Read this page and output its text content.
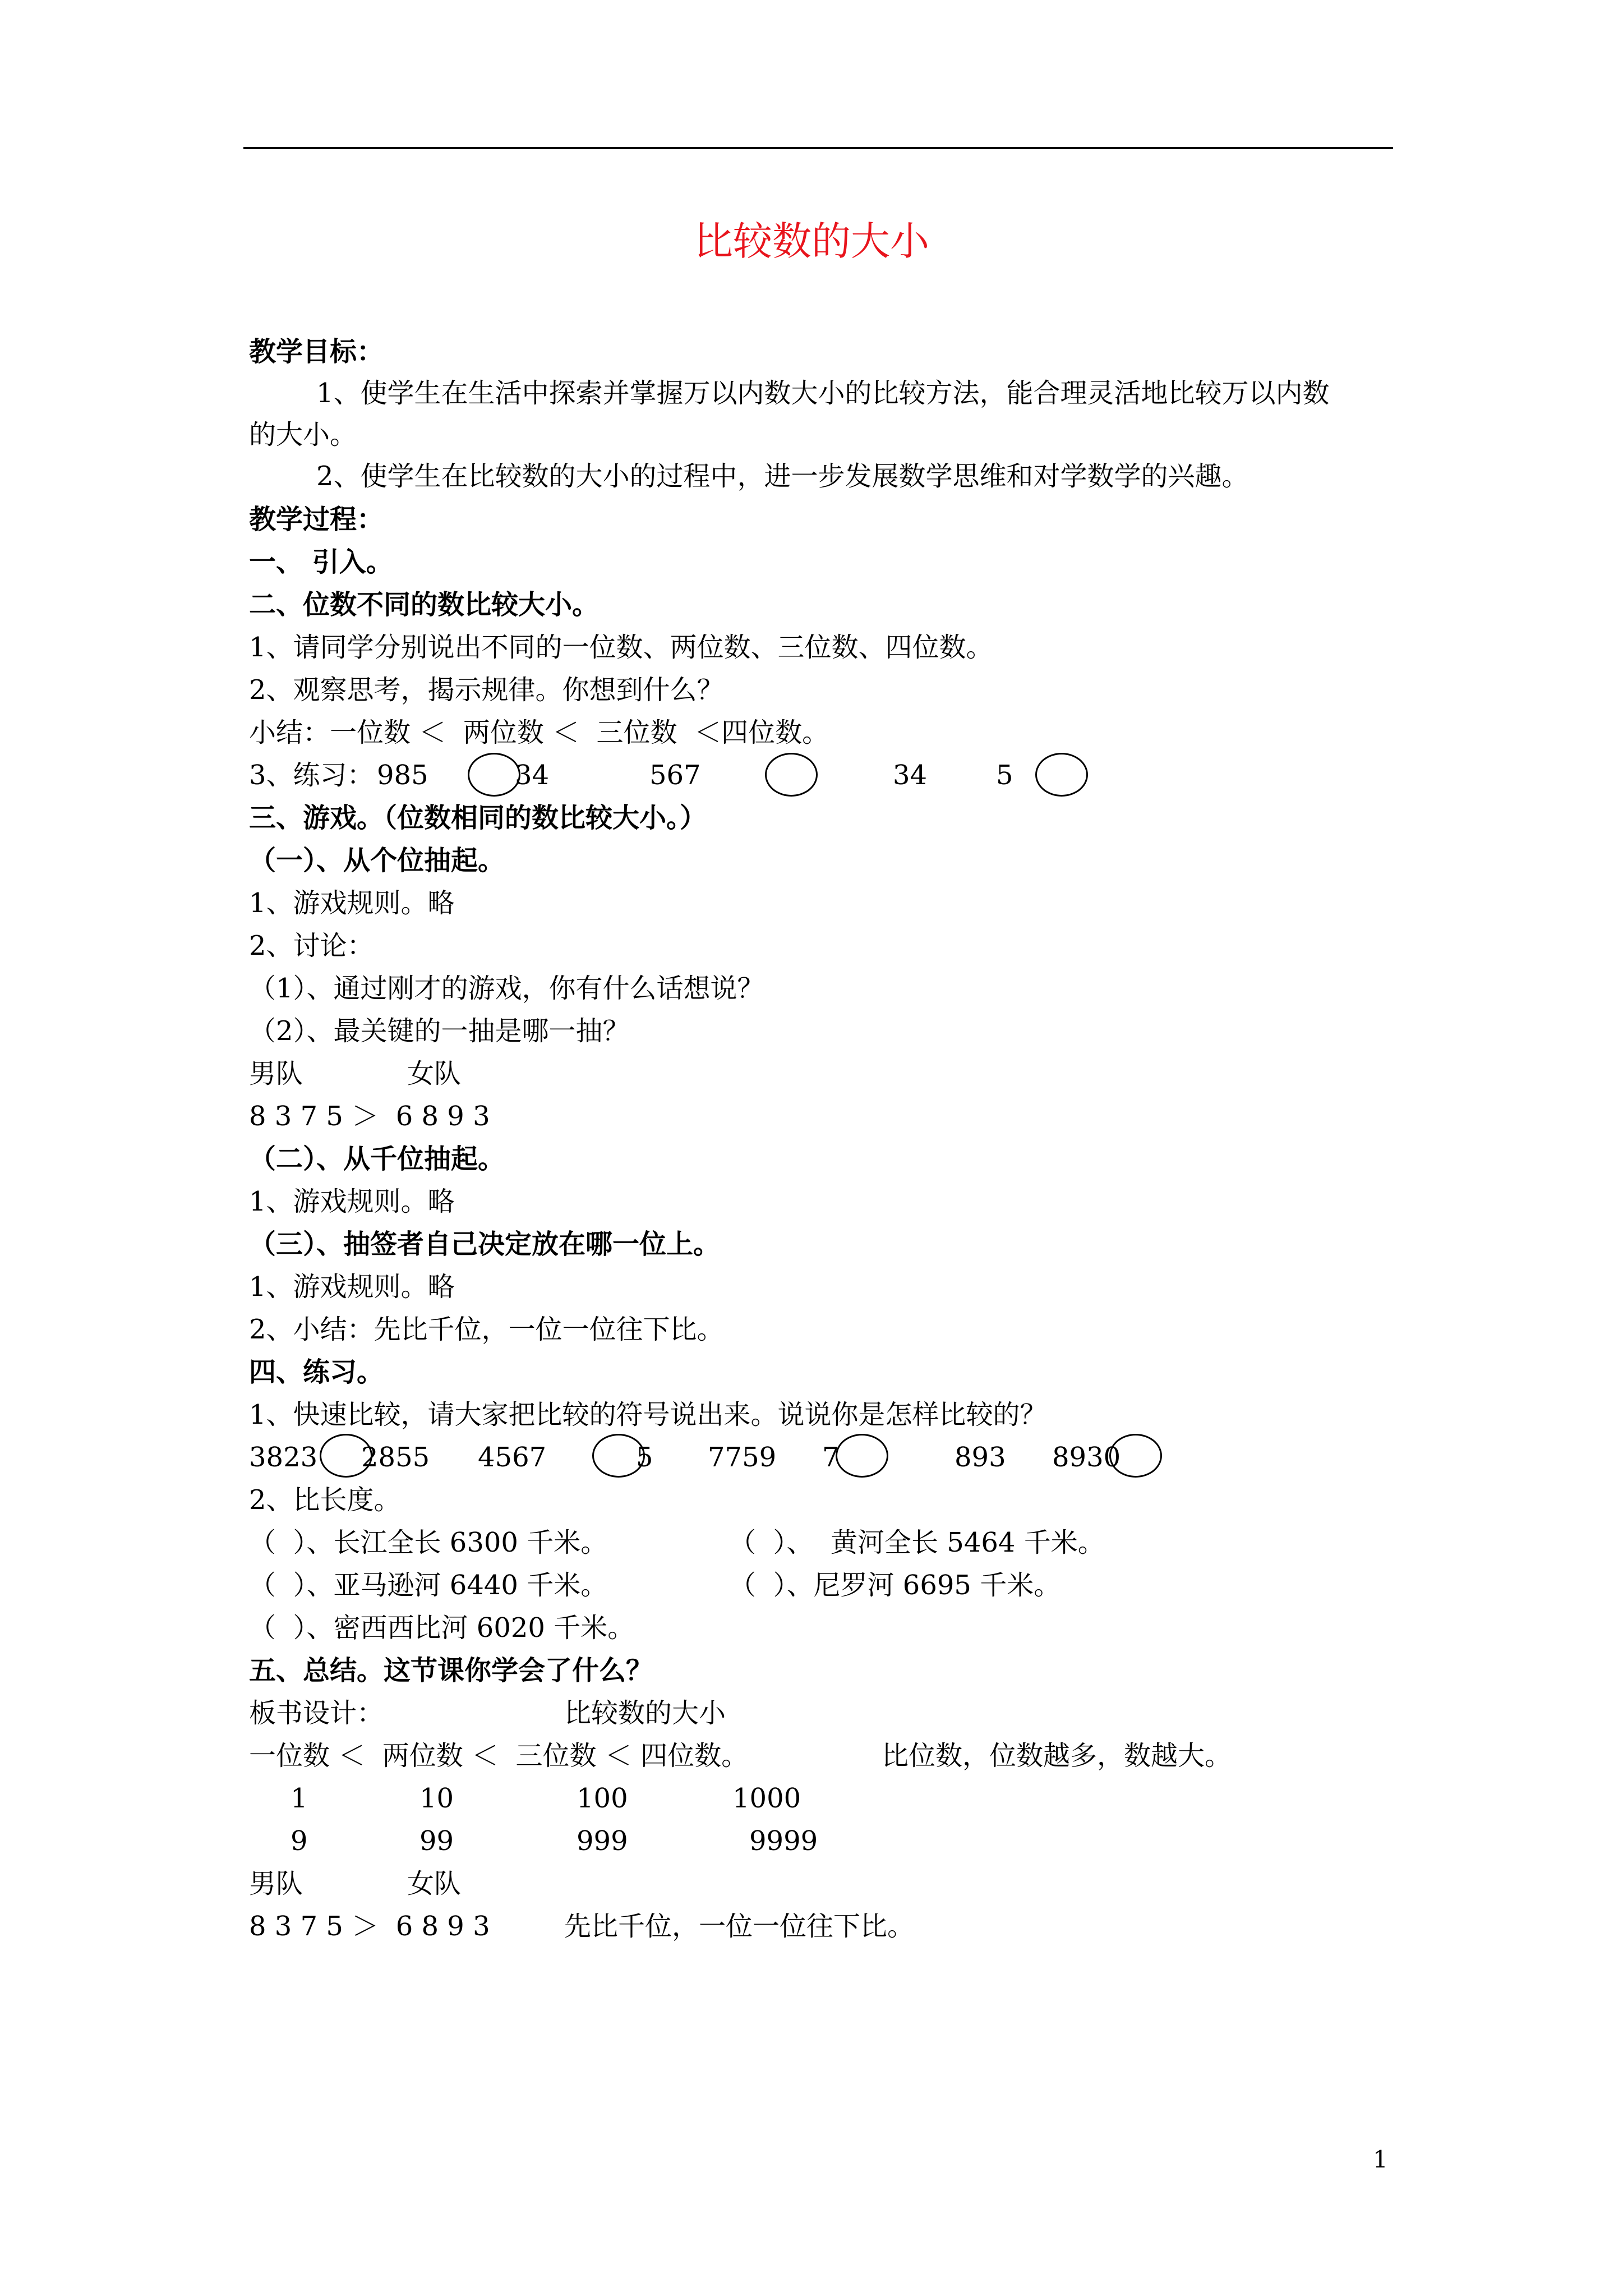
比较数的大小
教学目标：
1、使学生在生活中探索并掌握万以内数大小的比较方法，能合理灵活地比较万以内数
的大小。
2、使学生在比较数的大小的过程中，进一步发展数学思维和对学数学的兴趣。
教学过程：
一、 引入。
二、位数不同的数比较大小。
1、请同学分别说出不同的一位数、两位数、三位数、四位数。
2、观察思考，揭示规律。你想到什么？
小结：一位数 ＜  两位数 ＜  三位数  ＜四位数。
3、练习： 985	34	567	34	5
三、游戏。（位数相同的数比较大小。）
（一）、从个位抽起。
1、游戏规则。略
2、讨论：
（1）、通过刚才的游戏，你有什么话想说？
（2）、最关键的一抽是哪一抽？
男队	女队
8 3 7 5 ＞  6 8 9 3
（二）、从千位抽起。
1、游戏规则。略
（三）、抽签者自己决定放在哪一位上。
1、游戏规则。略
2、小结：先比千位，一位一位往下比。
四、练习。
1、快速比较，请大家把比较的符号说出来。说说你是怎样比较的？
3823 2855 4567	5 7759 7	893 8930
2、比长度。
（  ）、长江全长 6300 千米。	（  ）、  黄河全长 5464 千米。
（  ）、亚马逊河 6440 千米。	（  ）、尼罗河 6695 千米。
（  ）、密西西比河 6020 千米。
五、总结。这节课你学会了什么？
板书设计：	比较数的大小
一位数 ＜  两位数 ＜  三位数 ＜ 四位数。	比位数，位数越多，数越大。
1	10	100	1000
9	99	999	9999
男队	女队
8 3 7 5 ＞  6 8 9 3	先比千位，一位一位往下比。
1
